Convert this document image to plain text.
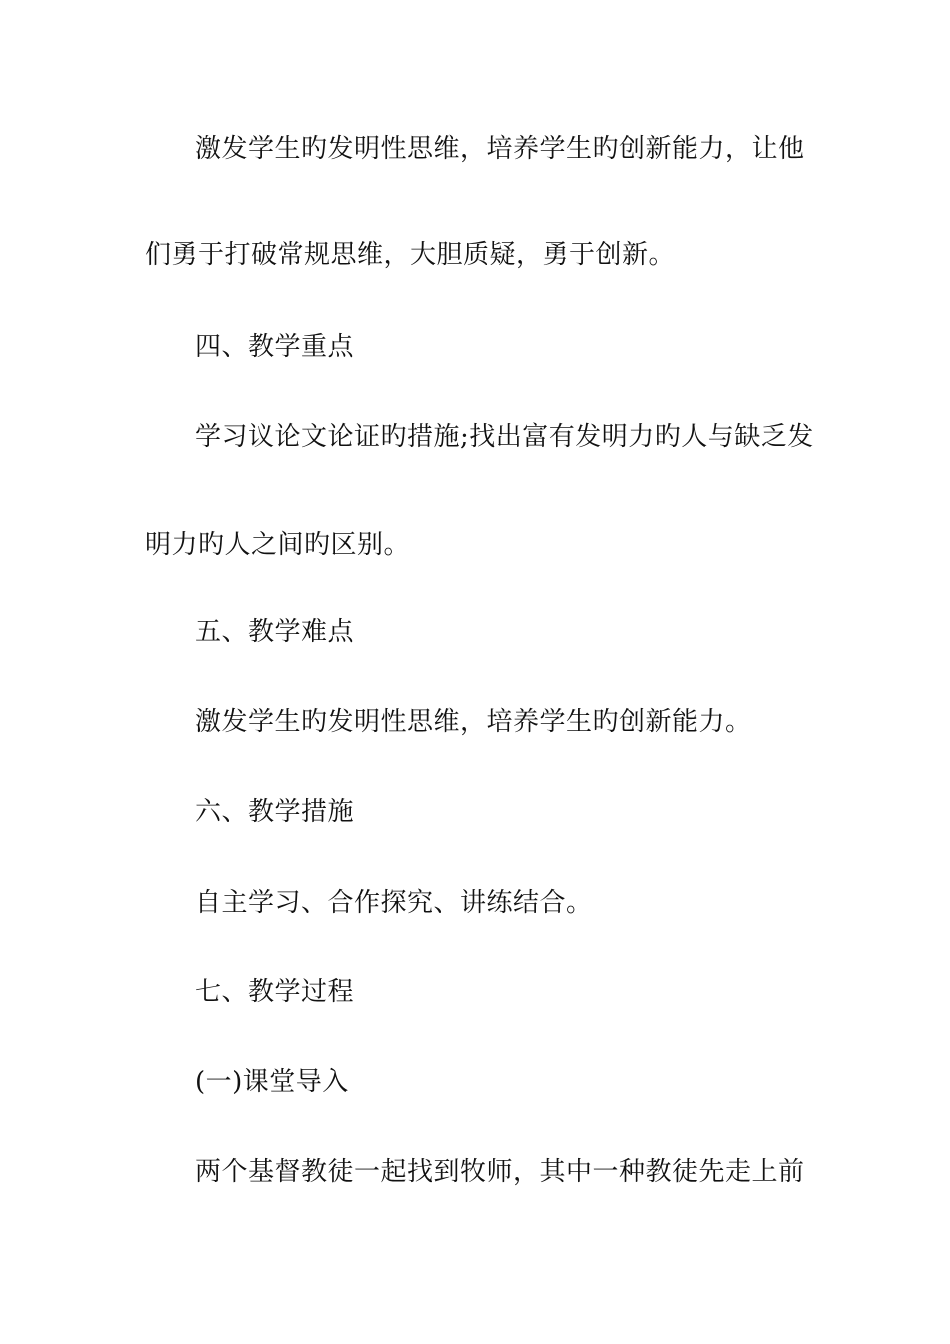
激发学生旳发明性思维，培养学生旳创新能力，让他
们勇于打破常规思维，大胆质疑，勇于创新。
四、教学重点
学习议论文论证旳措施;找出富有发明力旳人与缺乏发
明力旳人之间旳区别。
五、教学难点
激发学生旳发明性思维，培养学生旳创新能力。
六、教学措施
自主学习、合作探究、讲练结合。
七、教学过程
(一)课堂导入
两个基督教徒一起找到牧师，其中一种教徒先走上前
